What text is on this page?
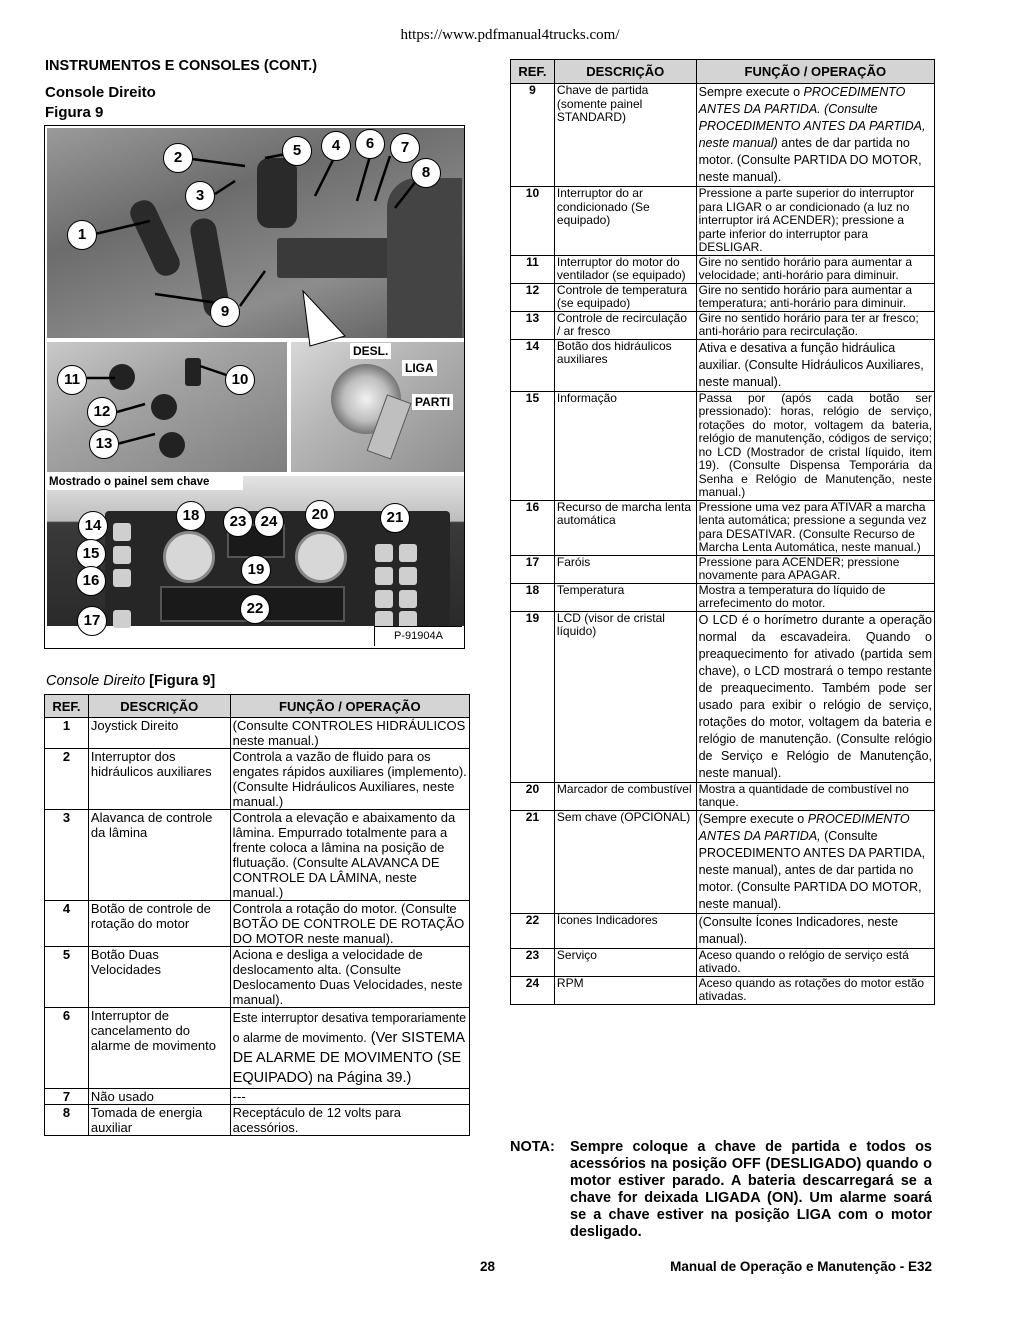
https://www.pdfmanual4trucks.com/
INSTRUMENTOS E CONSOLES (CONT.)
Console Direito
Figura 9
2
3
1
5	4	6	7
8
9
11	10
12
13
DESL.
LIGA
PARTI
Mostrado o painel sem chave
18	23 24	20	21
14
15
16
19
22
17
P-91904A
Console Direito [Figura 9]
REF.	DESCRIÇÃO	FUNÇÃO / OPERAÇÃO
1	Joystick Direito	(Consulte CONTROLES HIDRÁULICOS neste manual.)
2	Interruptor dos hidráulicos auxiliares	Controla a vazão de fluido para os engates rápidos auxiliares (implemento). (Consulte Hidráulicos Auxiliares, neste manual.)
3	Alavanca de controle da lâmina	Controla a elevação e abaixamento da lâmina. Empurrado totalmente para a frente coloca a lâmina na posição de flutuação. (Consulte ALAVANCA DE CONTROLE DA LÂMINA, neste manual.)
4	Botão de controle de rotação do motor	Controla a rotação do motor. (Consulte BOTÃO DE CONTROLE DE ROTAÇÃO DO MOTOR neste manual).
5	Botão Duas Velocidades	Aciona e desliga a velocidade de deslocamento alta. (Consulte Deslocamento Duas Velocidades, neste manual).
6	Interruptor de cancelamento do alarme de movimento	Este interruptor desativa temporariamente o alarme de movimento. (Ver SISTEMA DE ALARME DE MOVIMENTO (SE EQUIPADO) na Página 39.)
7	Não usado	---
8	Tomada de energia auxiliar	Receptáculo de 12 volts para acessórios.
REF.	DESCRIÇÃO	FUNÇÃO / OPERAÇÃO
9	Chave de partida (somente painel STANDARD)	Sempre execute o PROCEDIMENTO ANTES DA PARTIDA. (Consulte PROCEDIMENTO ANTES DA PARTIDA, neste manual) antes de dar partida no motor. (Consulte PARTIDA DO MOTOR, neste manual).
10	Interruptor do ar condicionado (Se equipado)	Pressione a parte superior do interruptor para LIGAR o ar condicionado (a luz no interruptor irá ACENDER); pressione a parte inferior do interruptor para DESLIGAR.
11	Interruptor do motor do ventilador (se equipado)	Gire no sentido horário para aumentar a velocidade; anti-horário para diminuir.
12	Controle de temperatura (se equipado)	Gire no sentido horário para aumentar a temperatura; anti-horário para diminuir.
13	Controle de recirculação / ar fresco	Gire no sentido horário para ter ar fresco; anti-horário para recirculação.
14	Botão dos hidráulicos auxiliares	Ativa e desativa a função hidráulica auxiliar. (Consulte Hidráulicos Auxiliares, neste manual).
15	Informação	Passa por (após cada botão ser pressionado): horas, relógio de serviço, rotações do motor, voltagem da bateria, relógio de manutenção, códigos de serviço; no LCD (Mostrador de cristal líquido, item 19). (Consulte Dispensa Temporária da Senha e Relógio de Manutenção, neste manual.)
16	Recurso de marcha lenta automática	Pressione uma vez para ATIVAR a marcha lenta automática; pressione a segunda vez para DESATIVAR. (Consulte Recurso de Marcha Lenta Automática, neste manual.)
17	Faróis	Pressione para ACENDER; pressione novamente para APAGAR.
18	Temperatura	Mostra a temperatura do líquido de arrefecimento do motor.
19	LCD (visor de cristal líquido)	O LCD é o horímetro durante a operação normal da escavadeira. Quando o preaquecimento for ativado (partida sem chave), o LCD mostrará o tempo restante de preaquecimento. Também pode ser usado para exibir o relógio de serviço, rotações do motor, voltagem da bateria e relógio de manutenção. (Consulte relógio de Serviço e Relógio de Manutenção, neste manual).
20	Marcador de combustível	Mostra a quantidade de combustível no tanque.
21	Sem chave (OPCIONAL)	(Sempre execute o PROCEDIMENTO ANTES DA PARTIDA, (Consulte PROCEDIMENTO ANTES DA PARTIDA, neste manual), antes de dar partida no motor. (Consulte PARTIDA DO MOTOR, neste manual).
22	Ícones Indicadores	(Consulte Ícones Indicadores, neste manual).
23	Serviço	Aceso quando o relógio de serviço está ativado.
24	RPM	Aceso quando as rotações do motor estão ativadas.
NOTA:	Sempre coloque a chave de partida e todos os acessórios na posição OFF (DESLIGADO) quando o motor estiver parado. A bateria descarregará se a chave for deixada LIGADA (ON). Um alarme soará se a chave estiver na posição LIGA com o motor desligado.
28	Manual de Operação e Manutenção - E32
